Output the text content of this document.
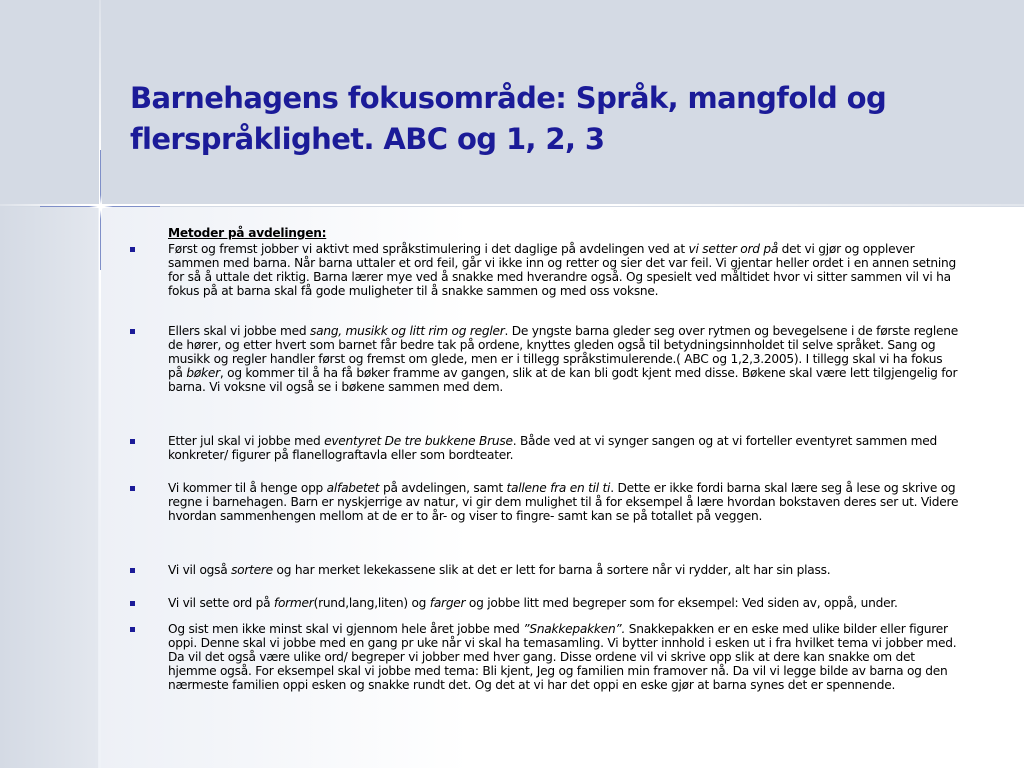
Barnehagens fokusområde: Språk, mangfold og flerspråklighet. ABC og 1, 2, 3
Metoder på avdelingen:
Først og fremst jobber vi aktivt med språkstimulering i det daglige på avdelingen ved at vi setter ord på det vi gjør og opplever sammen med barna. Når barna uttaler et ord feil, går vi ikke inn og retter og sier det var feil. Vi gjentar heller ordet i en annen setning for så å uttale det riktig. Barna lærer mye ved å snakke med hverandre også. Og spesielt ved måltidet hvor vi sitter sammen vil vi ha fokus på at barna skal få gode muligheter til å snakke sammen og med oss voksne.
Ellers skal vi jobbe med sang, musikk og litt rim og regler. De yngste barna gleder seg over rytmen og bevegelsene i de første reglene de hører, og etter hvert som barnet får bedre tak på ordene, knyttes gleden også til betydningsinnholdet til selve språket. Sang og musikk og regler handler først og fremst om glede, men er i tillegg språkstimulerende.( ABC og 1,2,3.2005). I tillegg skal vi ha fokus på bøker, og kommer til å ha få bøker framme av gangen, slik at de kan bli godt kjent med disse. Bøkene skal være lett tilgjengelig for barna. Vi voksne vil også se i bøkene sammen med dem.
Etter jul skal vi jobbe med eventyret De tre bukkene Bruse. Både ved at vi synger sangen og at vi forteller eventyret sammen med konkreter/ figurer på flanellograftavla eller som bordteater.
Vi kommer til å henge opp alfabetet på avdelingen, samt tallene fra en til ti. Dette er ikke fordi barna skal lære seg å lese og skrive og regne i barnehagen. Barn er nyskjerrige av natur, vi gir dem mulighet til å for eksempel å lære hvordan bokstaven deres ser ut. Videre hvordan sammenhengen mellom at de er to år- og viser to fingre- samt kan se på totallet på veggen.
Vi vil også sortere og har merket lekekassene slik at det er lett for barna å sortere når vi rydder, alt har sin plass.
Vi vil sette ord på former(rund,lang,liten) og farger og jobbe litt med begreper som for eksempel: Ved siden av, oppå, under.
Og sist men ikke minst skal vi gjennom hele året jobbe med ”Snakkepakken”. Snakkepakken er en eske med ulike bilder eller figurer oppi. Denne skal vi jobbe med en gang pr uke når vi skal ha temasamling. Vi bytter innhold i esken ut i fra hvilket tema vi jobber med. Da vil det også være ulike ord/ begreper vi jobber med hver gang. Disse ordene vil vi skrive opp slik at dere kan snakke om det hjemme også. For eksempel skal vi jobbe med tema: Bli kjent, Jeg og familien min framover nå. Da vil vi legge bilde av barna og den nærmeste familien oppi esken og snakke rundt det. Og det at vi har det oppi en eske gjør at barna synes det er spennende.
